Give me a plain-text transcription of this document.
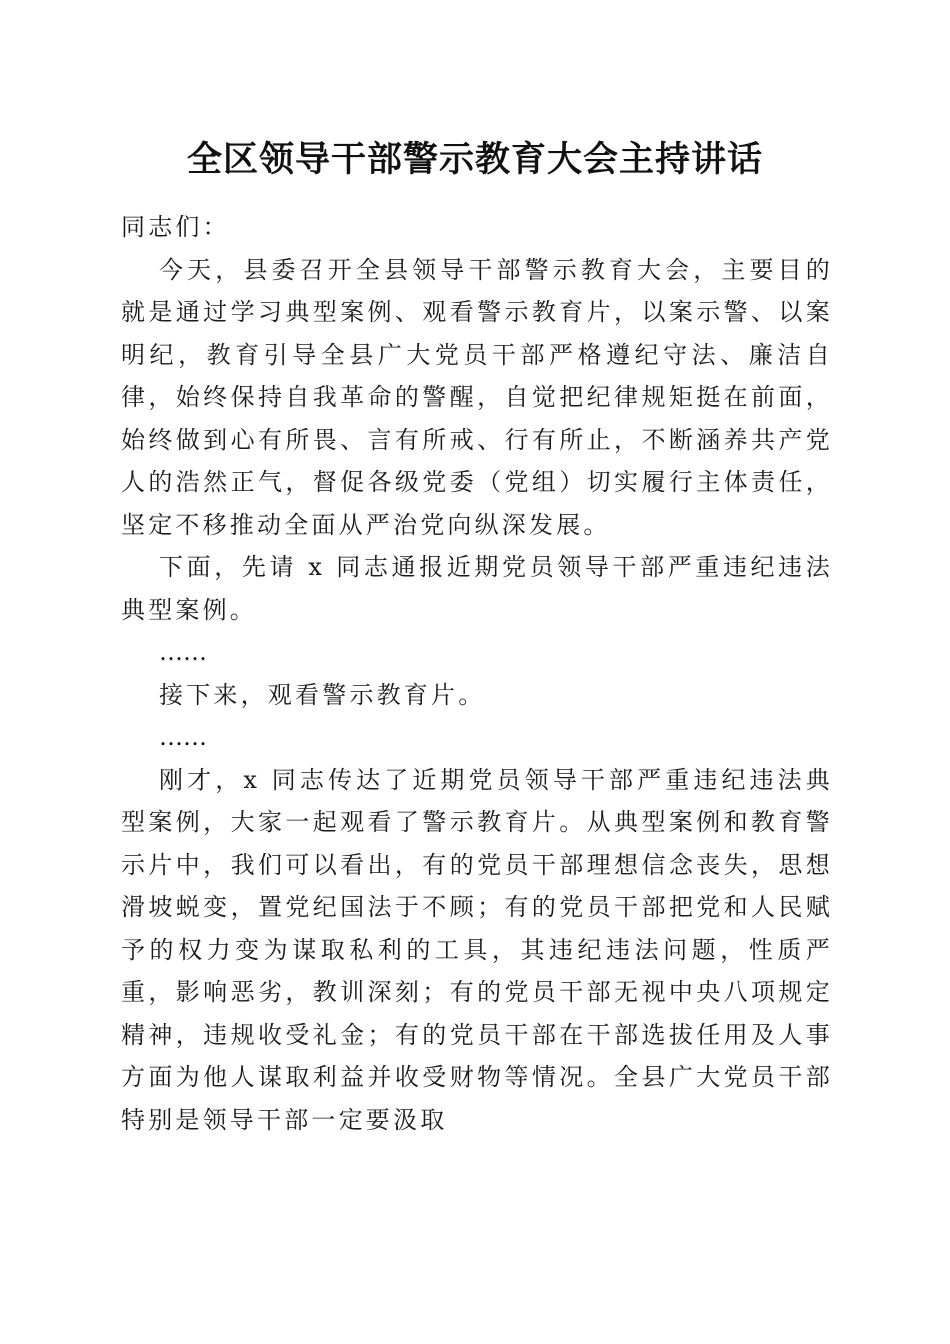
全区领导干部警示教育大会主持讲话

同志们：

今天，县委召开全县领导干部警示教育大会，主要目的就是通过学习典型案例、观看警示教育片，以案示警、以案明纪，教育引导全县广大党员干部严格遵纪守法、廉洁自律，始终保持自我革命的警醒，自觉把纪律规矩挺在前面，始终做到心有所畏、言有所戒、行有所止，不断涵养共产党人的浩然正气，督促各级党委（党组）切实履行主体责任，坚定不移推动全面从严治党向纵深发展。

下面，先请 x 同志通报近期党员领导干部严重违纪违法典型案例。

……

接下来，观看警示教育片。

……

刚才，x 同志传达了近期党员领导干部严重违纪违法典型案例，大家一起观看了警示教育片。从典型案例和教育警示片中，我们可以看出，有的党员干部理想信念丧失，思想滑坡蜕变，置党纪国法于不顾；有的党员干部把党和人民赋予的权力变为谋取私利的工具，其违纪违法问题，性质严重，影响恶劣，教训深刻；有的党员干部无视中央八项规定精神，违规收受礼金；有的党员干部在干部选拔任用及人事方面为他人谋取利益并收受财物等情况。全县广大党员干部特别是领导干部一定要汲取
